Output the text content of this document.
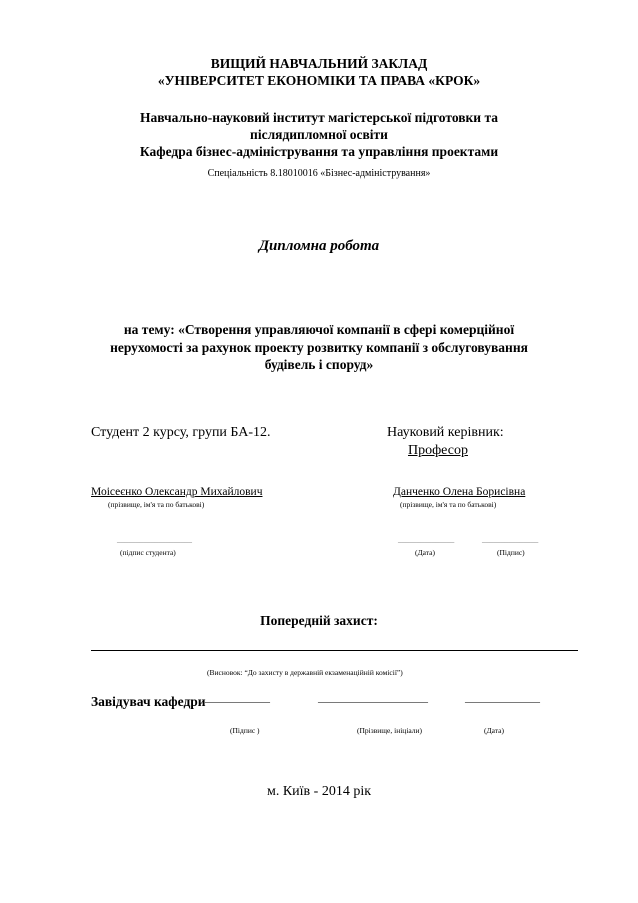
ВИЩИЙ НАВЧАЛЬНИЙ ЗАКЛАД
«УНІВЕРСИТЕТ ЕКОНОМІКИ ТА ПРАВА «КРОК»
Навчально-науковий інститут магістерської підготовки та
післядипломної освіти
Кафедра бізнес-адміністрування та управління проектами
Спеціальність 8.18010016 «Бізнес-адміністрування»
Дипломна робота
на тему: «Створення управляючої компанії в сфері комерційної
нерухомості за рахунок проекту розвитку компанії з обслуговування
будівель і споруд»
Студент 2 курсу, групи БА-12.	Науковий керівник:
Професор
Моісеєнко Олександр Михайлович
(прізвище, ім'я та по батькові)
Данченко Олена Борисівна
(прізвище, ім'я та по батькові)
____________________
(підпис студента)
_______________	_______________
(Дата)	(Підпис)
Попередній захист:
(Висновок: “До захисту в державній екзаменаційній комісії”)
Завідувач кафедри _____________	______________________	_______________
(Підпис )	(Прізвище, ініціали)	(Дата)
м. Київ - 2014 рік
